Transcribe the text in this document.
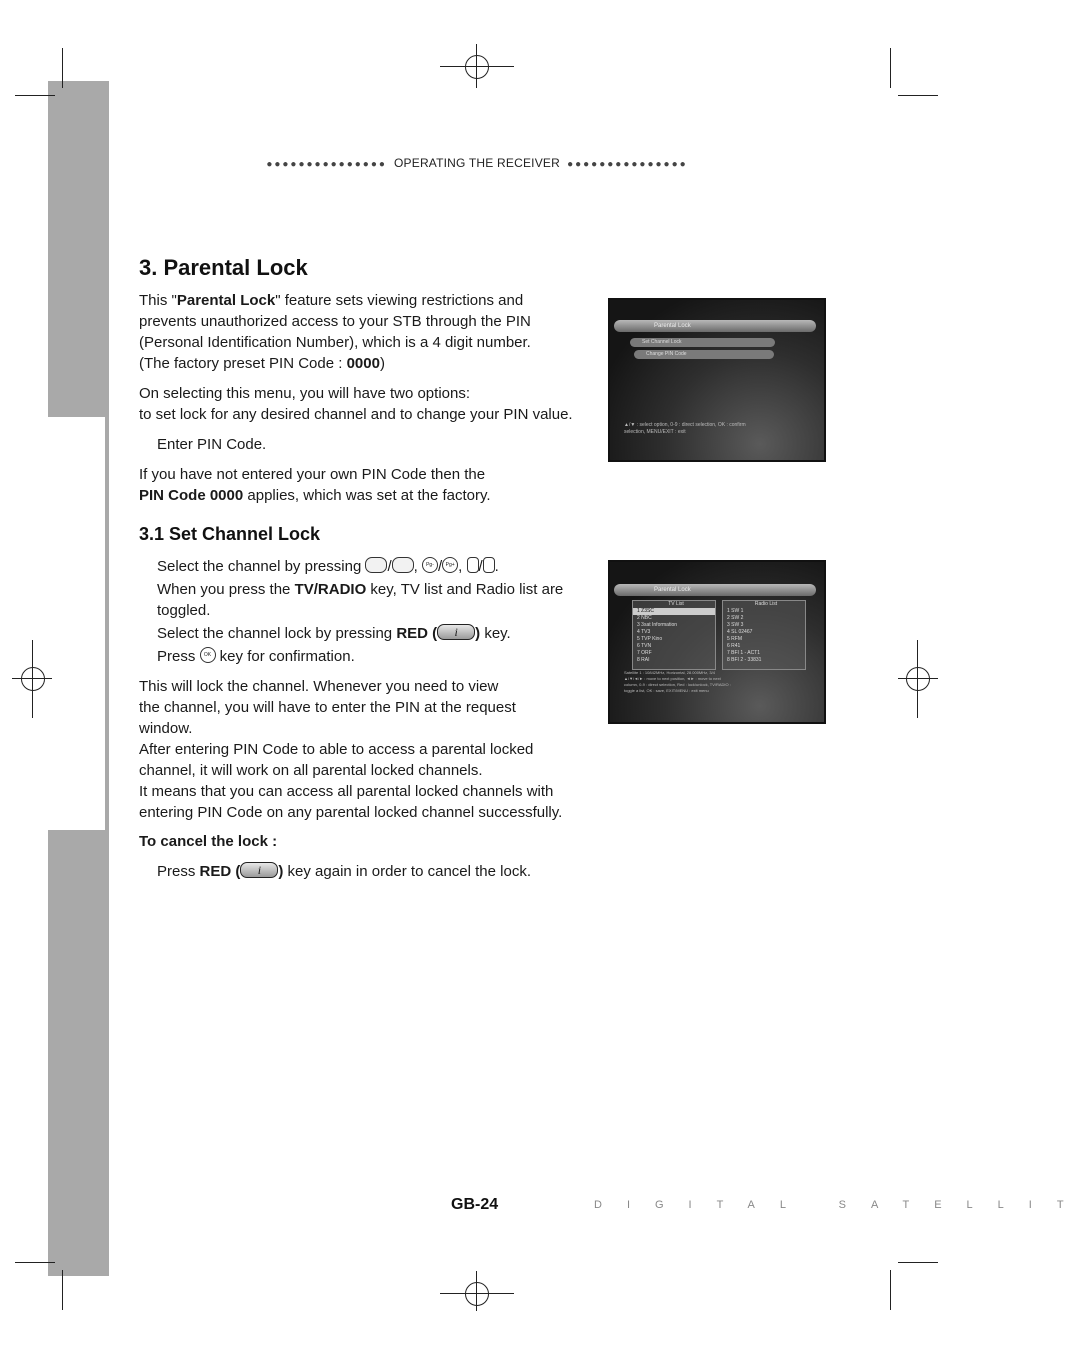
●●●●●●●●●●●●●●● OPERATING THE RECEIVER ●●●●●●●●●●●●●●●
3. Parental Lock
This "Parental Lock" feature sets viewing restrictions and
prevents unauthorized access to your STB through the PIN
(Personal Identification Number), which is a 4 digit number.
(The factory preset PIN Code : 0000)
On selecting this menu, you will have two options:
to set lock for any desired channel and to change your PIN value.
Enter PIN Code.
If you have not entered your own PIN Code then the
PIN Code 0000 applies, which was set at the factory.
3.1 Set Channel Lock
Select the channel by pressing / , Pg- / Pg+ , / .
When you press the TV/RADIO key, TV list and Radio list are
toggled.
Select the channel lock by pressing RED ( i ) key.
Press OK key for confirmation.
This will lock the channel. Whenever you need to view
the channel, you will have to enter the PIN at the request
window.
After entering PIN Code to able to access a parental locked
channel, it will work on all parental locked channels.
It means that you can access all parental locked channels with
entering PIN Code on any parental locked channel successfully.
To cancel the lock :
Press RED ( i ) key again in order to cancel the lock.
Parental Lock
Set Channel Lock
Change PIN Code
▲/▼ : select option, 0-9 : direct selection, OK : confirm
selection, MENU/EXIT : exit
Parental Lock
TV List
1 Z3SC
2 NBC
3 3sat Information
4 TV3
5 TVP Kino
6 TVN
7 ORF
8 RAI
Radio List
1 SW 1
2 SW 2
3 SW 3
4 SL 02467
5 RFM
6 R41
7 BFI 1 - ACT1
8 BFI 2 - 33831
Satellite 1 : 10842MHz, Horizontal, 28.000MHz, 3/4
▲/▼/◄/► : move to next position, ◄► : move to next
column, 0-9 : direct selection, Red : lock/unlock, TV/RADIO :
toggle a list, OK : save, EXIT/MENU : exit menu
GB-24	DIGITAL SATELLIT
